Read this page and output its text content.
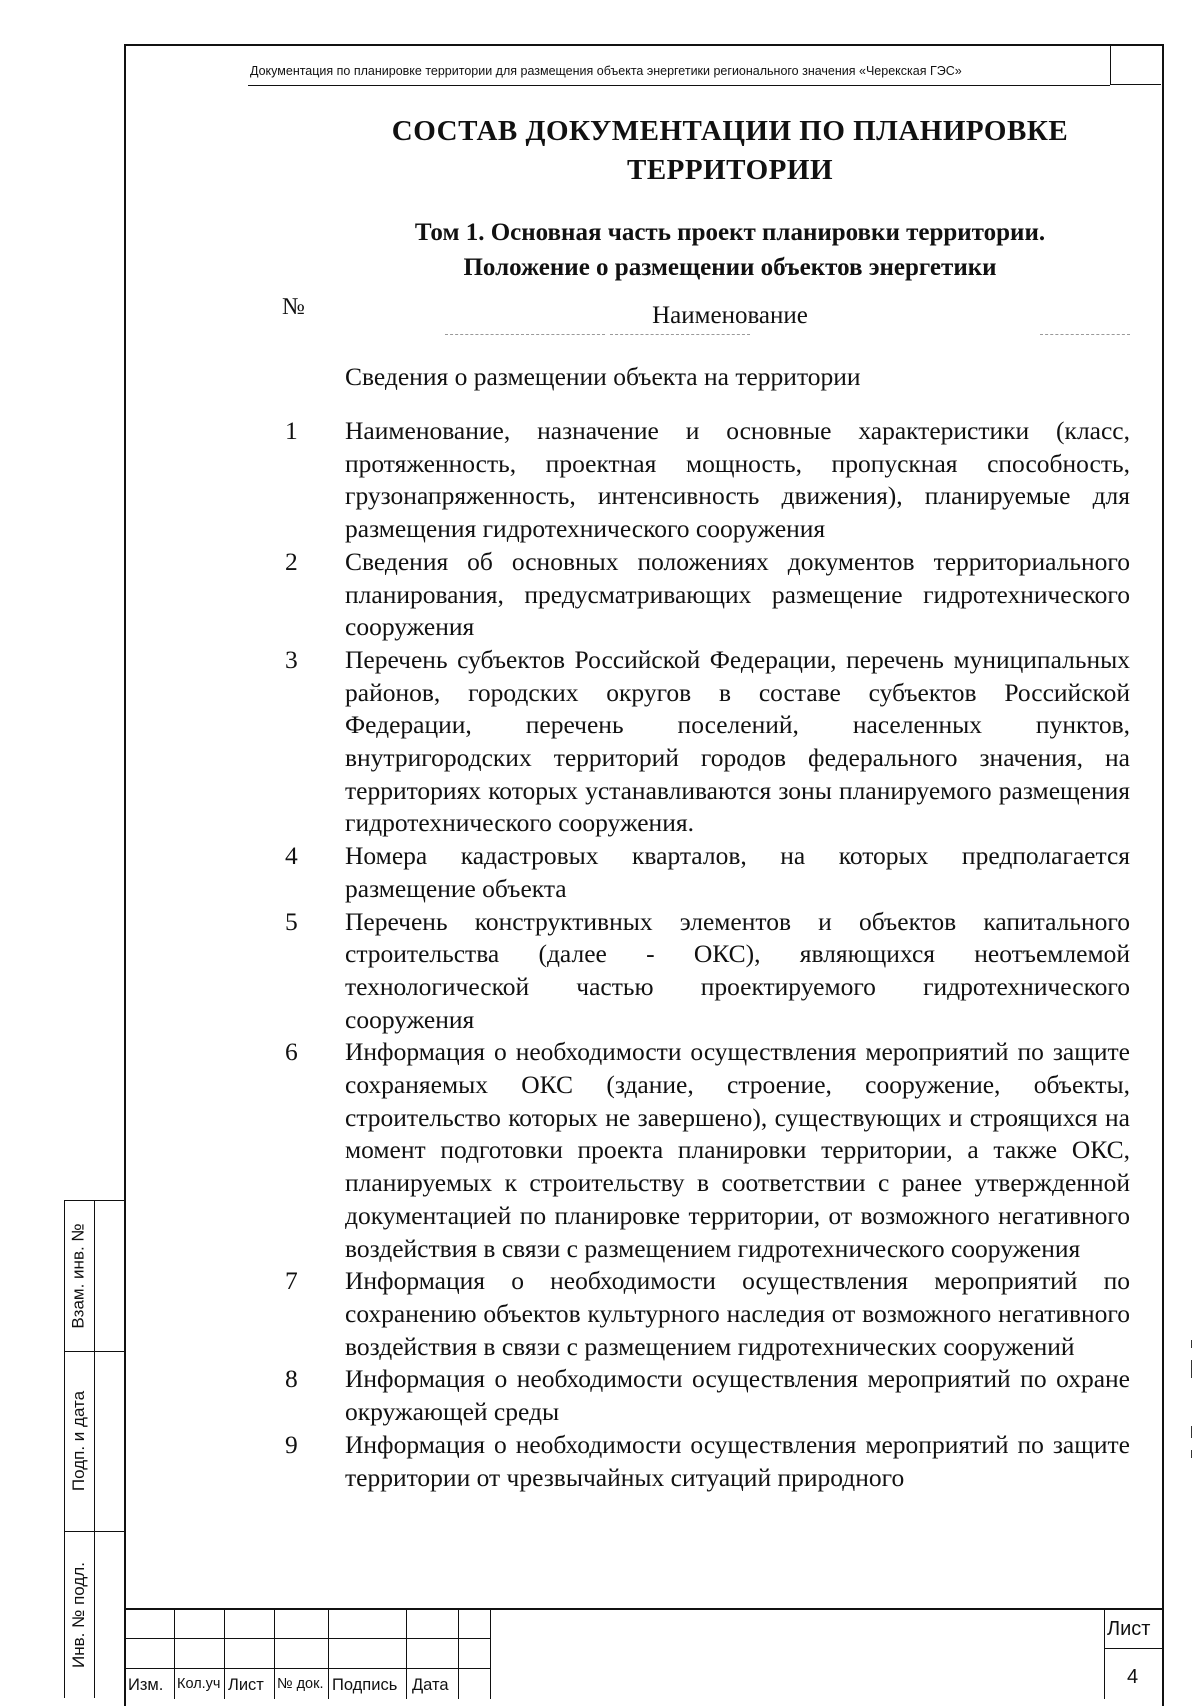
Документация по планировке территории для размещения объекта энергетики регионального значения «Черекская ГЭС»
СОСТАВ ДОКУМЕНТАЦИИ ПО ПЛАНИРОВКЕ
ТЕРРИТОРИИ
Том 1. Основная часть проект планировки территории.
Положение о размещении объектов энергетики
№	Наименование
Сведения о размещении объекта на территории
1	Наименование, назначение и основные характеристики (класс, протяженность, проектная мощность, пропускная способность, грузонапряженность, интенсивность движения), планируемые для размещения гидротехнического сооружения
2	Сведения об основных положениях документов территориального планирования, предусматривающих размещение гидротехнического сооружения
3	Перечень субъектов Российской Федерации, перечень муниципальных районов, городских округов в составе субъектов Российской Федерации, перечень поселений, населенных пунктов, внутригородских территорий городов федерального значения, на территориях которых устанавливаются зоны планируемого размещения гидротехнического сооружения.
4	Номера кадастровых кварталов, на которых предполагается размещение объекта
5	Перечень конструктивных элементов и объектов капитального строительства (далее - ОКС), являющихся неотъемлемой технологической частью проектируемого гидротехнического сооружения
6	Информация о необходимости осуществления мероприятий по защите сохраняемых ОКС (здание, строение, сооружение, объекты, строительство которых не завершено), существующих и строящихся на момент подготовки проекта планировки территории, а также ОКС, планируемых к строительству в соответствии с ранее утвержденной документацией по планировке территории, от возможного негативного воздействия в связи с размещением гидротехнического сооружения
7	Информация о необходимости осуществления мероприятий по сохранению объектов культурного наследия от возможного негативного воздействия в связи с размещением гидротехнических сооружений
8	Информация о необходимости осуществления мероприятий по охране окружающей среды
9	Информация о необходимости осуществления мероприятий по защите территории от чрезвычайных ситуаций природного
Взам. инв. №
Подп. и дата
Инв. № подл.
Изм. Кол.уч Лист № док. Подпись Дата
Лист
4
